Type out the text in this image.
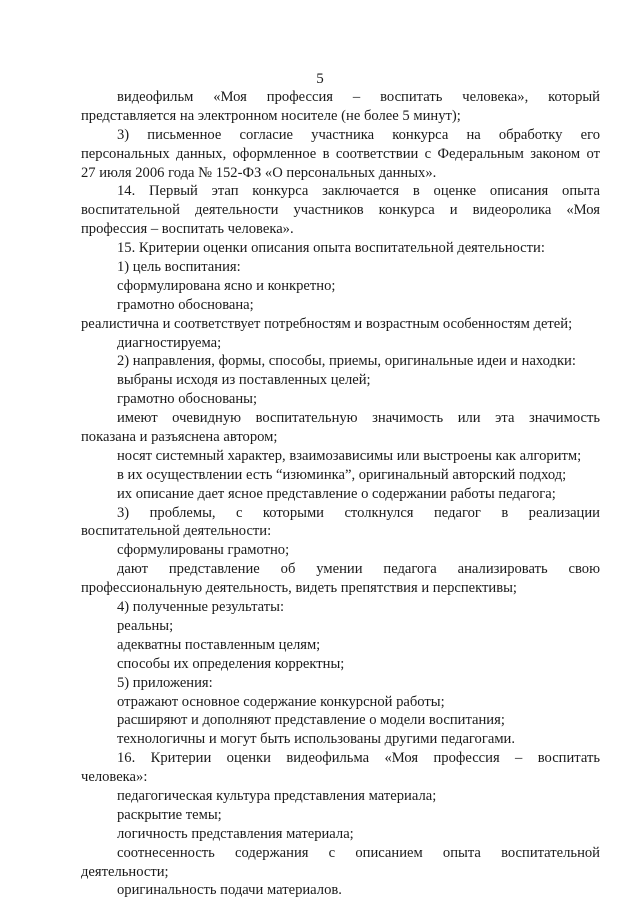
5
видеофильм «Моя профессия – воспитать человека», который
представляется на электронном носителе (не более 5 минут);
3) письменное согласие участника конкурса на обработку его
персональных данных, оформленное в соответствии с Федеральным законом от
27 июля 2006 года № 152-ФЗ «О персональных данных».
14. Первый этап конкурса заключается в оценке описания опыта
воспитательной деятельности участников конкурса и видеоролика «Моя
профессия – воспитать человека».
15. Критерии оценки описания опыта воспитательной деятельности:
1) цель воспитания:
сформулирована ясно и конкретно;
грамотно обоснована;
реалистична и соответствует потребностям и возрастным особенностям детей;
диагностируема;
2) направления, формы, способы, приемы, оригинальные идеи и находки:
выбраны исходя из поставленных целей;
грамотно обоснованы;
имеют очевидную воспитательную значимость или эта значимость
показана и разъяснена автором;
носят системный характер, взаимозависимы или выстроены как алгоритм;
в их осуществлении есть “изюминка”, оригинальный авторский подход;
их описание дает ясное представление о содержании работы педагога;
3) проблемы, с которыми столкнулся педагог в реализации
воспитательной деятельности:
сформулированы грамотно;
дают представление об умении педагога анализировать свою
профессиональную деятельность, видеть препятствия и перспективы;
4) полученные результаты:
реальны;
адекватны поставленным целям;
способы их определения корректны;
5) приложения:
отражают основное содержание конкурсной работы;
расширяют и дополняют представление о модели воспитания;
технологичны и могут быть использованы другими педагогами.
16. Критерии оценки видеофильма «Моя профессия – воспитать
человека»:
педагогическая культура представления материала;
раскрытие темы;
логичность представления материала;
соотнесенность содержания с описанием опыта воспитательной
деятельности;
оригинальность подачи материалов.
